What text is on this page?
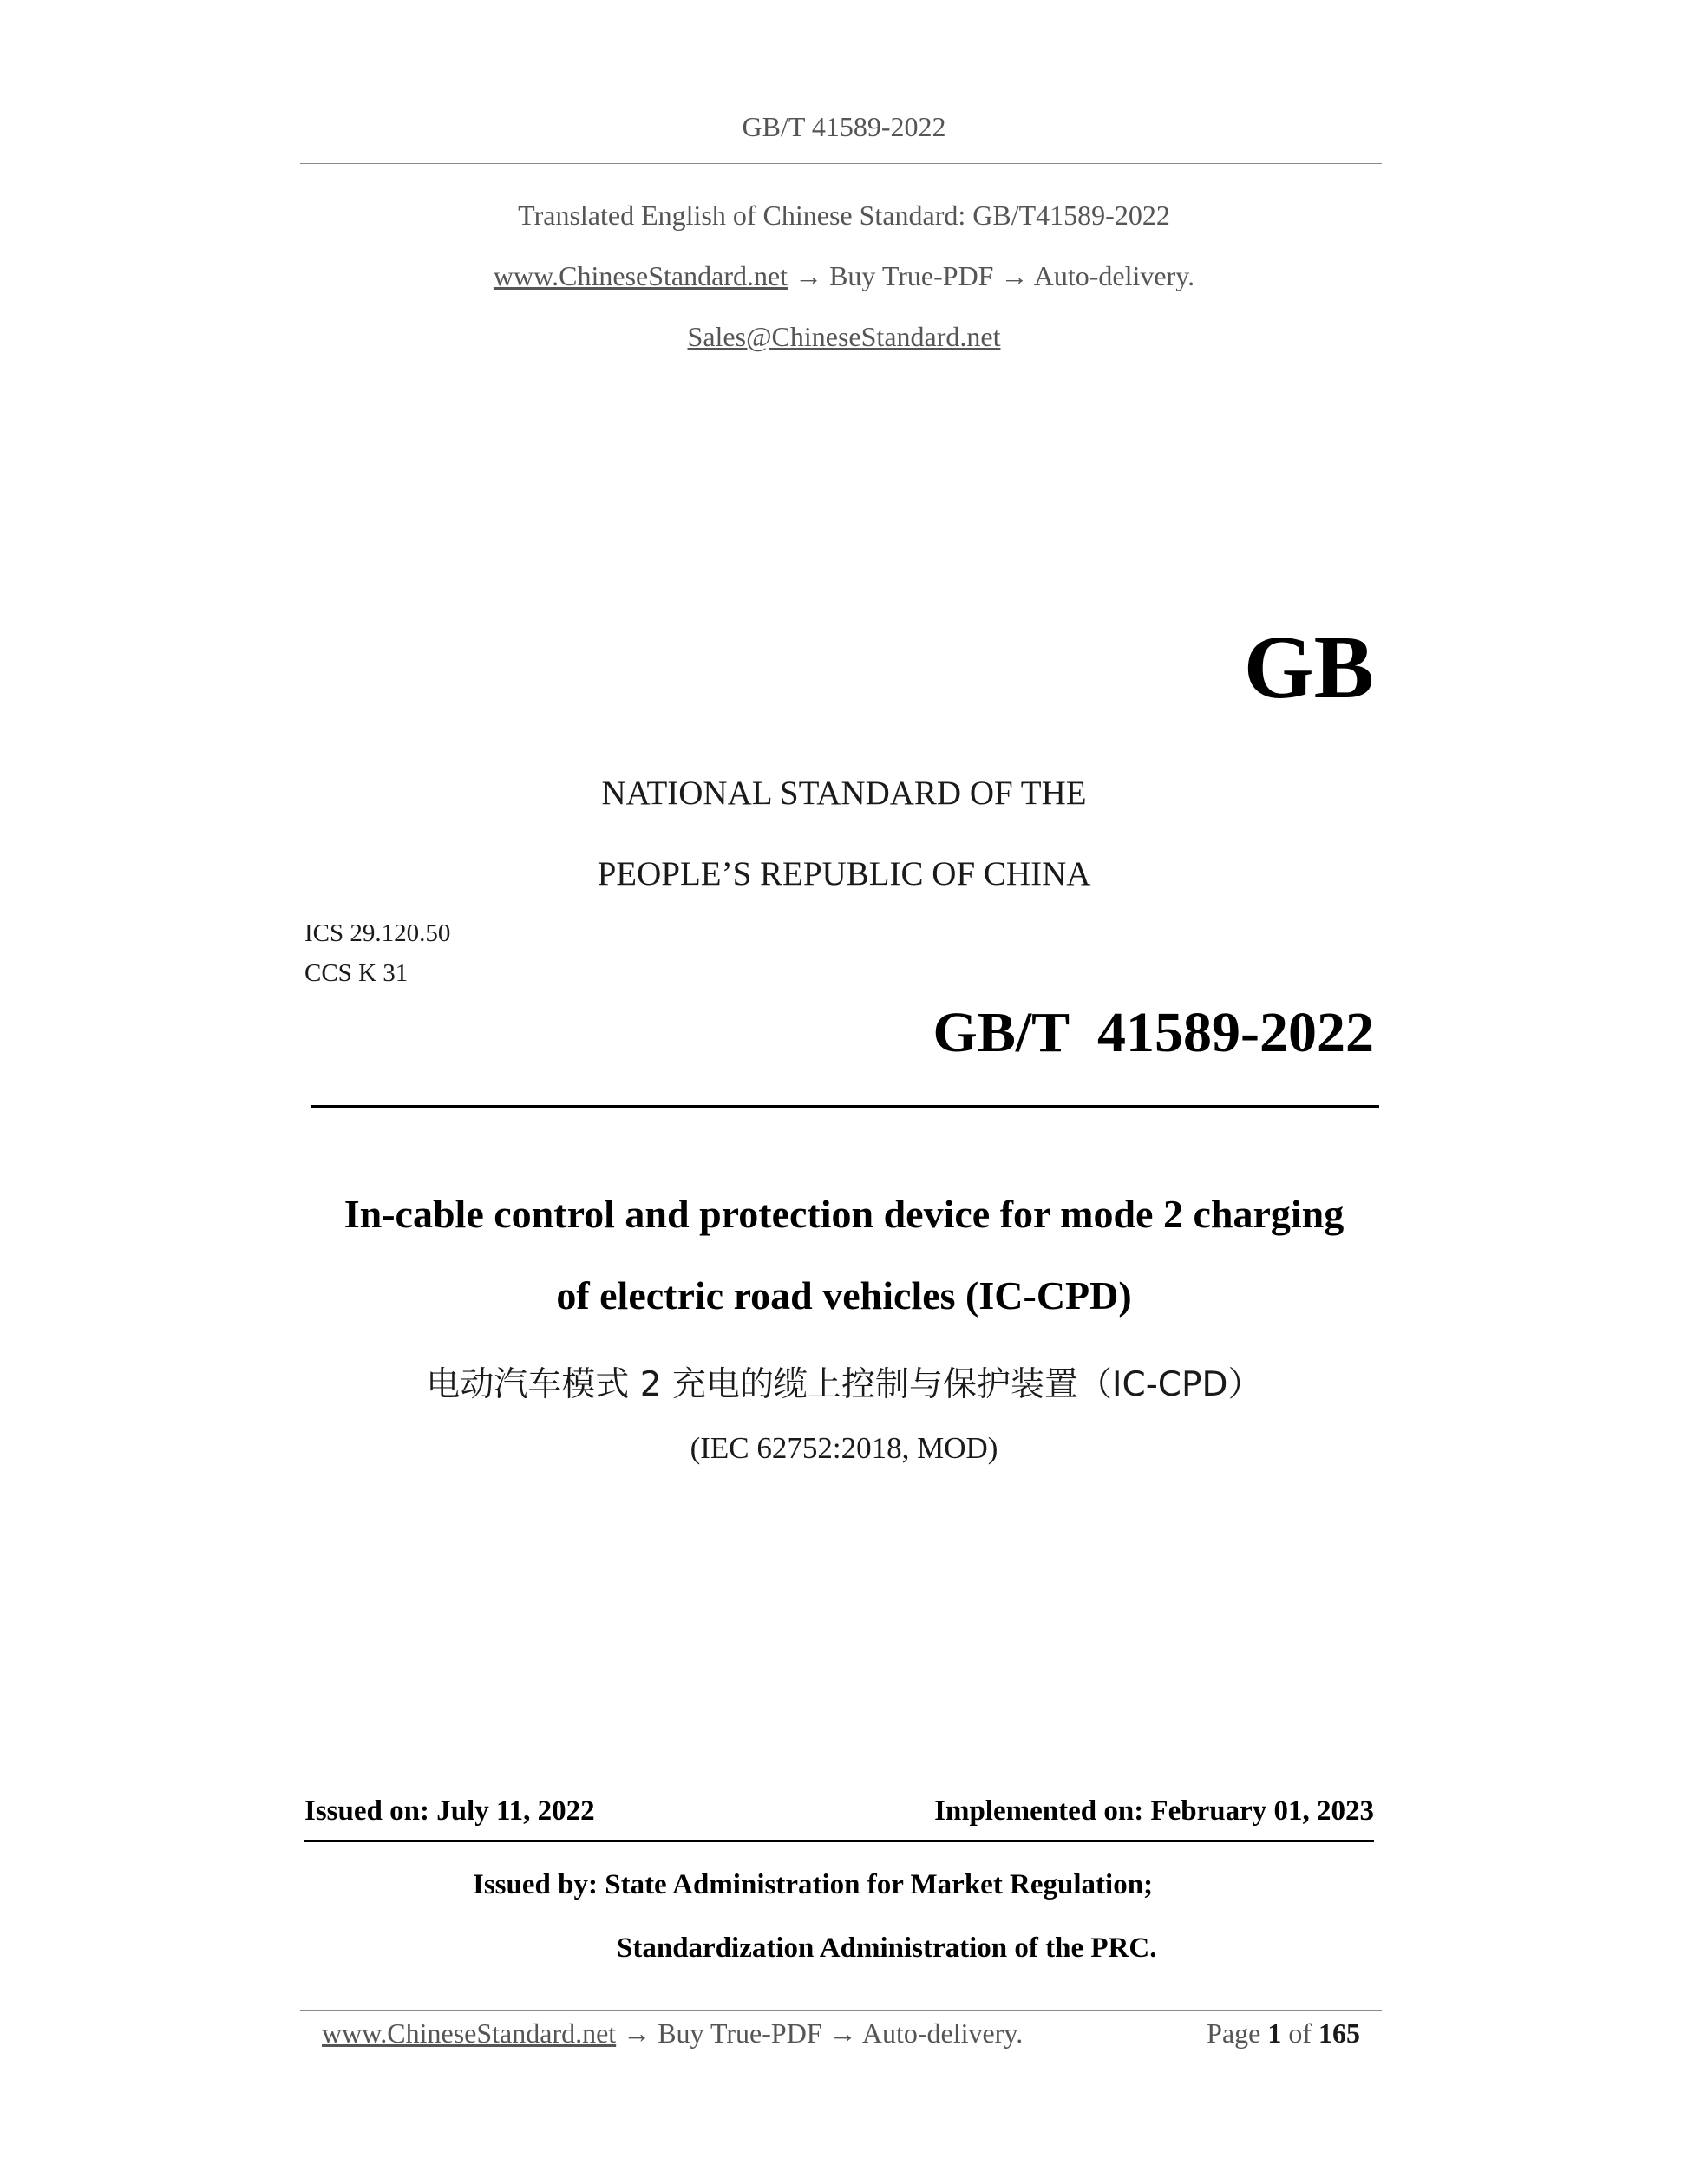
GB/T 41589-2022
Translated English of Chinese Standard: GB/T41589-2022
www.ChineseStandard.net → Buy True-PDF → Auto-delivery.
Sales@ChineseStandard.net
GB
NATIONAL STANDARD OF THE
PEOPLE’S REPUBLIC OF CHINA
ICS 29.120.50
CCS K 31
GB/T  41589-2022
In-cable control and protection device for mode 2 charging
of electric road vehicles (IC-CPD)
电动汽车模式 2 充电的缆上控制与保护装置（IC-CPD）
(IEC 62752:2018, MOD)
Issued on: July 11, 2022	Implemented on: February 01, 2023
Issued by: State Administration for Market Regulation;
Standardization Administration of the PRC.
www.ChineseStandard.net → Buy True-PDF → Auto-delivery.	Page 1 of 165
